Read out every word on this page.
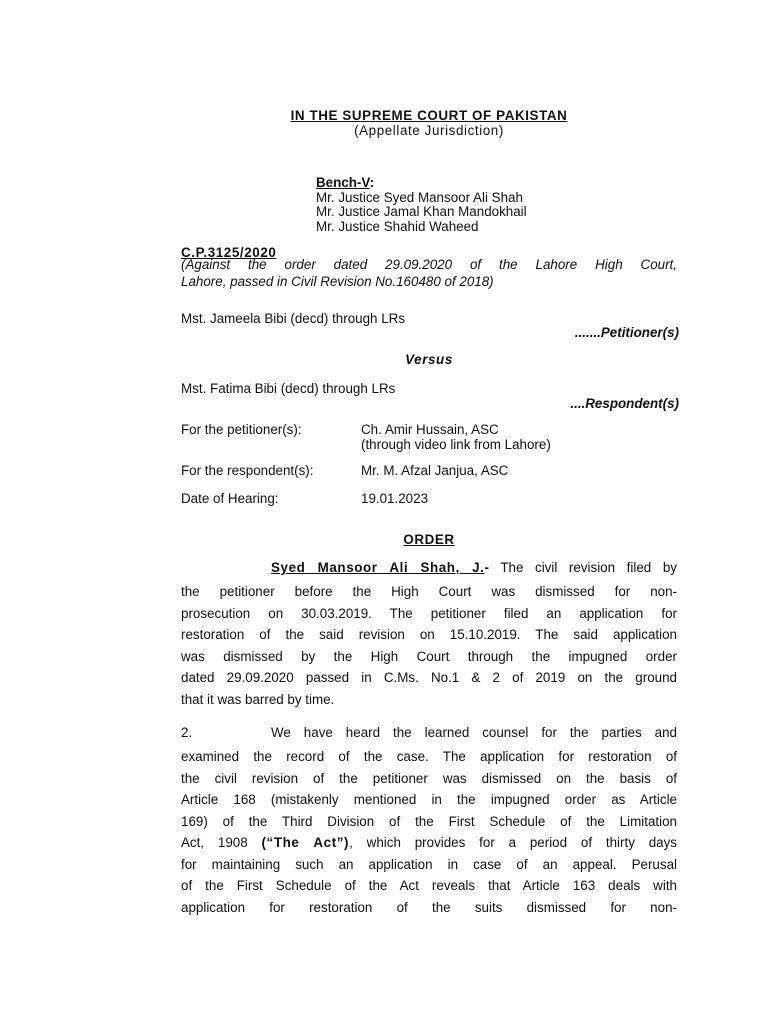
IN THE SUPREME COURT OF PAKISTAN
(Appellate Jurisdiction)
Bench-V:
Mr. Justice Syed Mansoor Ali Shah
Mr. Justice Jamal Khan Mandokhail
Mr. Justice Shahid Waheed
C.P.3125/2020
(Against the order dated 29.09.2020 of the Lahore High Court,
Lahore, passed in Civil Revision No.160480 of 2018)
Mst. Jameela Bibi (decd) through LRs
.......Petitioner(s)
Versus
Mst. Fatima Bibi (decd) through LRs
....Respondent(s)
For the petitioner(s):	Ch. Amir Hussain, ASC
(through video link from Lahore)
For the respondent(s):	Mr. M. Afzal Janjua, ASC
Date of Hearing:	19.01.2023
ORDER
Syed Mansoor Ali Shah, J.- The civil revision filed by
the petitioner before the High Court was dismissed for non-
prosecution on 30.03.2019. The petitioner filed an application for
restoration of the said revision on 15.10.2019. The said application
was dismissed by the High Court through the impugned order
dated 29.09.2020 passed in C.Ms. No.1 & 2 of 2019 on the ground
that it was barred by time.
2.	We have heard the learned counsel for the parties and
examined the record of the case. The application for restoration of
the civil revision of the petitioner was dismissed on the basis of
Article 168 (mistakenly mentioned in the impugned order as Article
169) of the Third Division of the First Schedule of the Limitation
Act, 1908 (“The Act”), which provides for a period of thirty days
for maintaining such an application in case of an appeal. Perusal
of the First Schedule of the Act reveals that Article 163 deals with
application for restoration of the suits dismissed for non-
